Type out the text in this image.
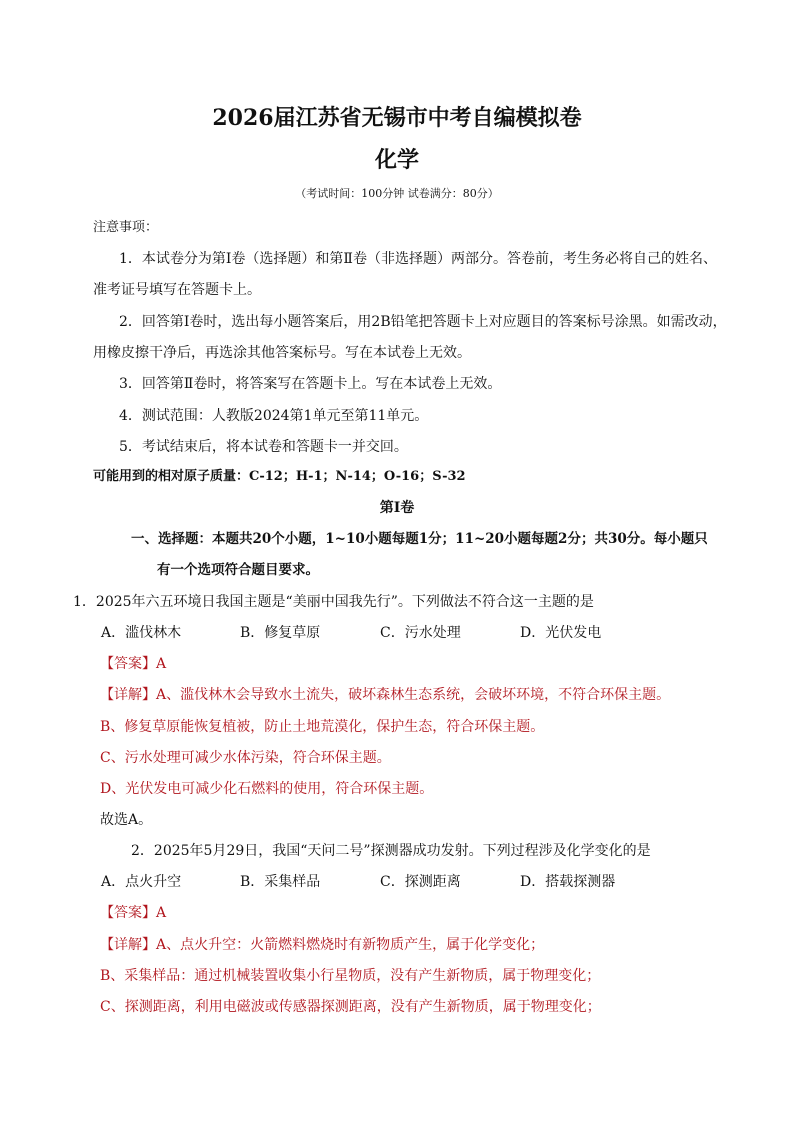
2026届江苏省无锡市中考自编模拟卷
化学
（考试时间：100分钟 试卷满分：80分）
注意事项：
1．本试卷分为第Ⅰ卷（选择题）和第Ⅱ卷（非选择题）两部分。答卷前，考生务必将自己的姓名、
准考证号填写在答题卡上。
2．回答第Ⅰ卷时，选出每小题答案后，用2B铅笔把答题卡上对应题目的答案标号涂黑。如需改动，
用橡皮擦干净后，再选涂其他答案标号。写在本试卷上无效。
3．回答第Ⅱ卷时，将答案写在答题卡上。写在本试卷上无效。
4．测试范围：人教版2024第1单元至第11单元。
5．考试结束后，将本试卷和答题卡一并交回。
可能用到的相对原子质量：C-12；H-1；N-14；O-16；S-32
第Ⅰ卷
一、选择题：本题共20个小题，1~10小题每题1分；11~20小题每题2分；共30分。每小题只
有一个选项符合题目要求。
1．2025年六五环境日我国主题是“美丽中国我先行”。下列做法不符合这一主题的是
A．滥伐林木	B．修复草原	C．污水处理	D．光伏发电
【答案】A
【详解】A、滥伐林木会导致水土流失，破坏森林生态系统，会破坏环境，不符合环保主题。
B、修复草原能恢复植被，防止土地荒漠化，保护生态，符合环保主题。
C、污水处理可减少水体污染，符合环保主题。
D、光伏发电可减少化石燃料的使用，符合环保主题。
故选A。
2．2025年5月29日，我国“天问二号”探测器成功发射。下列过程涉及化学变化的是
A．点火升空	B．采集样品	C．探测距离	D．搭载探测器
【答案】A
【详解】A、点火升空：火箭燃料燃烧时有新物质产生，属于化学变化；
B、采集样品：通过机械装置收集小行星物质，没有产生新物质，属于物理变化；
C、探测距离，利用电磁波或传感器探测距离，没有产生新物质，属于物理变化；
